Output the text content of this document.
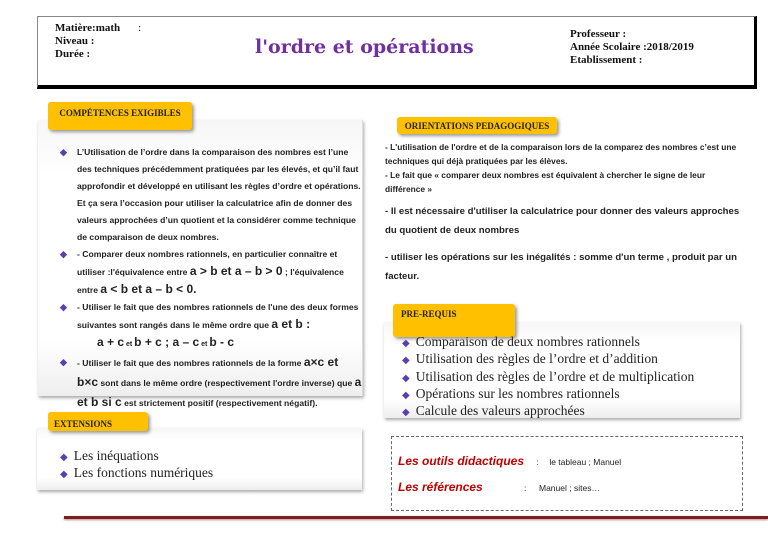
Matière:math :
Niveau :
Durée :	l'ordre et opérations
Professeur :
Année Scolaire :2018/2019
Etablissement :
COMPÉTENCES EXIGIBLES
◆ L’Utilisation de l’ordre dans la comparaison des nombres est l’une des techniques précédemment pratiquées par les élevés, et qu’il faut approfondir et développé en utilisant les règles d’ordre et opérations. Et ça sera l’occasion pour utiliser la calculatrice afin de donner des valeurs approchées d’un quotient et la considérer comme technique de comparaison de deux nombres.
◆ - Comparer deux nombres rationnels, en particulier connaître et utiliser :l'équivalence entre a > b et a – b > 0 ; l'équivalence entre a < b et a – b < 0.
◆ - Utiliser le fait que des nombres rationnels de l'une des deux formes suivantes sont rangés dans le même ordre que a et b :
a + c et b + c ; a – c et b - c
◆ - Utiliser le fait que des nombres rationnels de la forme a×c et b×c sont dans le même ordre (respectivement l'ordre inverse) que a et b si c est strictement positif (respectivement négatif).
ORIENTATIONS PEDAGOGIQUES
- L'utilisation de l'ordre et de la comparaison lors de la comparez des nombres c’est une techniques qui déjà pratiquées par les élèves.
- Le fait que « comparer deux nombres est équivalent à chercher le signe de leur différence »
- Il est nécessaire d'utiliser la calculatrice pour donner des valeurs approches du quotient de deux nombres
- utiliser les opérations sur les inégalités : somme d'un terme , produit par un facteur.
PRE-REQUIS
◆ Comparaison de deux nombres rationnels
◆ Utilisation des règles de l’ordre et d’addition
◆ Utilisation des règles de l’ordre et de multiplication
◆ Opérations sur les nombres rationnels
◆ Calcule des valeurs approchées
EXTENSIONS
◆ Les inéquations
◆ Les fonctions numériques
Les outils didactiques : le tableau ; Manuel
Les références	: Manuel ; sites…
